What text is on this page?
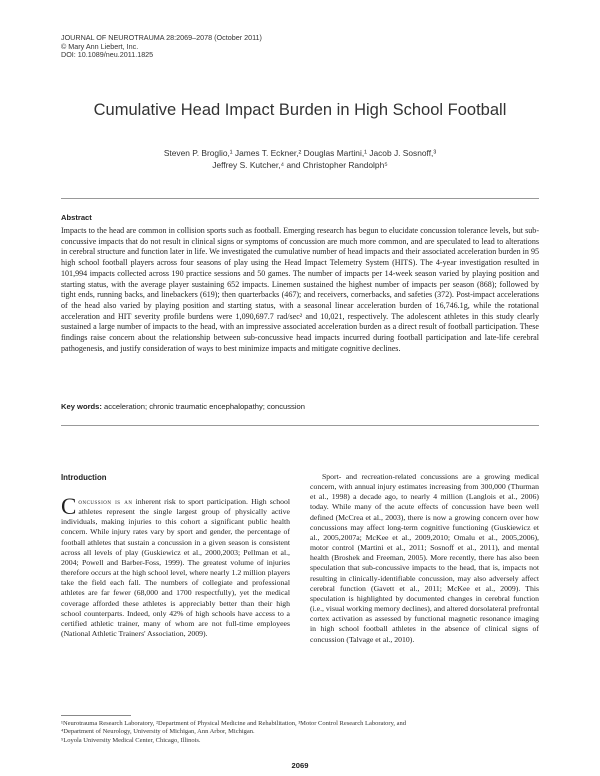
JOURNAL OF NEUROTRAUMA 28:2069–2078 (October 2011)
© Mary Ann Liebert, Inc.
DOI: 10.1089/neu.2011.1825
Cumulative Head Impact Burden in High School Football
Steven P. Broglio,¹ James T. Eckner,² Douglas Martini,¹ Jacob J. Sosnoff,³
Jeffrey S. Kutcher,⁴ and Christopher Randolph⁵
Abstract
Impacts to the head are common in collision sports such as football. Emerging research has begun to elucidate concussion tolerance levels, but sub-concussive impacts that do not result in clinical signs or symptoms of concussion are much more common, and are speculated to lead to alterations in cerebral structure and function later in life. We investigated the cumulative number of head impacts and their associated acceleration burden in 95 high school football players across four seasons of play using the Head Impact Telemetry System (HITS). The 4-year investigation resulted in 101,994 impacts collected across 190 practice sessions and 50 games. The number of impacts per 14-week season varied by playing position and starting status, with the average player sustaining 652 impacts. Linemen sustained the highest number of impacts per season (868); followed by tight ends, running backs, and linebackers (619); then quarterbacks (467); and receivers, cornerbacks, and safeties (372). Post-impact accelerations of the head also varied by playing position and starting status, with a seasonal linear acceleration burden of 16,746.1g, while the rotational acceleration and HIT severity profile burdens were 1,090,697.7 rad/sec² and 10,021, respectively. The adolescent athletes in this study clearly sustained a large number of impacts to the head, with an impressive associated acceleration burden as a direct result of football participation. These findings raise concern about the relationship between sub-concussive head impacts incurred during football participation and late-life cerebral pathogenesis, and justify consideration of ways to best minimize impacts and mitigate cognitive declines.
Key words: acceleration; chronic traumatic encephalopathy; concussion
Introduction
Concussion is an inherent risk to sport participation. High school athletes represent the single largest group of physically active individuals, making injuries to this cohort a significant public health concern. While injury rates vary by sport and gender, the percentage of football athletes that sustain a concussion in a given season is consistent across all levels of play (Guskiewicz et al., 2000,2003; Pellman et al., 2004; Powell and Barber-Foss, 1999). The greatest volume of injuries therefore occurs at the high school level, where nearly 1.2 million players take the field each fall. The numbers of collegiate and professional athletes are far fewer (68,000 and 1700 respectfully), yet the medical coverage afforded these athletes is appreciably better than their high school counterparts. Indeed, only 42% of high schools have access to a certified athletic trainer, many of whom are not full-time employees (National Athletic Trainers' Association, 2009).

Sport- and recreation-related concussions are a growing medical concern, with annual injury estimates increasing from 300,000 (Thurman et al., 1998) a decade ago, to nearly 4 million (Langlois et al., 2006) today. While many of the acute effects of concussion have been well defined (McCrea et al., 2003), there is now a growing concern over how concussions may affect long-term cognitive functioning (Guskiewicz et al., 2005,2007a; McKee et al., 2009,2010; Omalu et al., 2005,2006), motor control (Martini et al., 2011; Sosnoff et al., 2011), and mental health (Broshek and Freeman, 2005). More recently, there has also been speculation that sub-concussive impacts to the head, that is, impacts not resulting in clinically-identifiable concussion, may also adversely affect cerebral function (Gavett et al., 2011; McKee et al., 2009). This speculation is highlighted by documented changes in cerebral function (i.e., visual working memory declines), and altered dorsolateral prefrontal cortex activation as assessed by functional magnetic resonance imaging in high school football athletes in the absence of clinical signs of concussion (Talvage et al., 2010).

¹Neurotrauma Research Laboratory, ²Department of Physical Medicine and Rehabilitation, ³Motor Control Research Laboratory, and
⁴Department of Neurology, University of Michigan, Ann Arbor, Michigan.
⁵Loyola University Medical Center, Chicago, Illinois.
2069
